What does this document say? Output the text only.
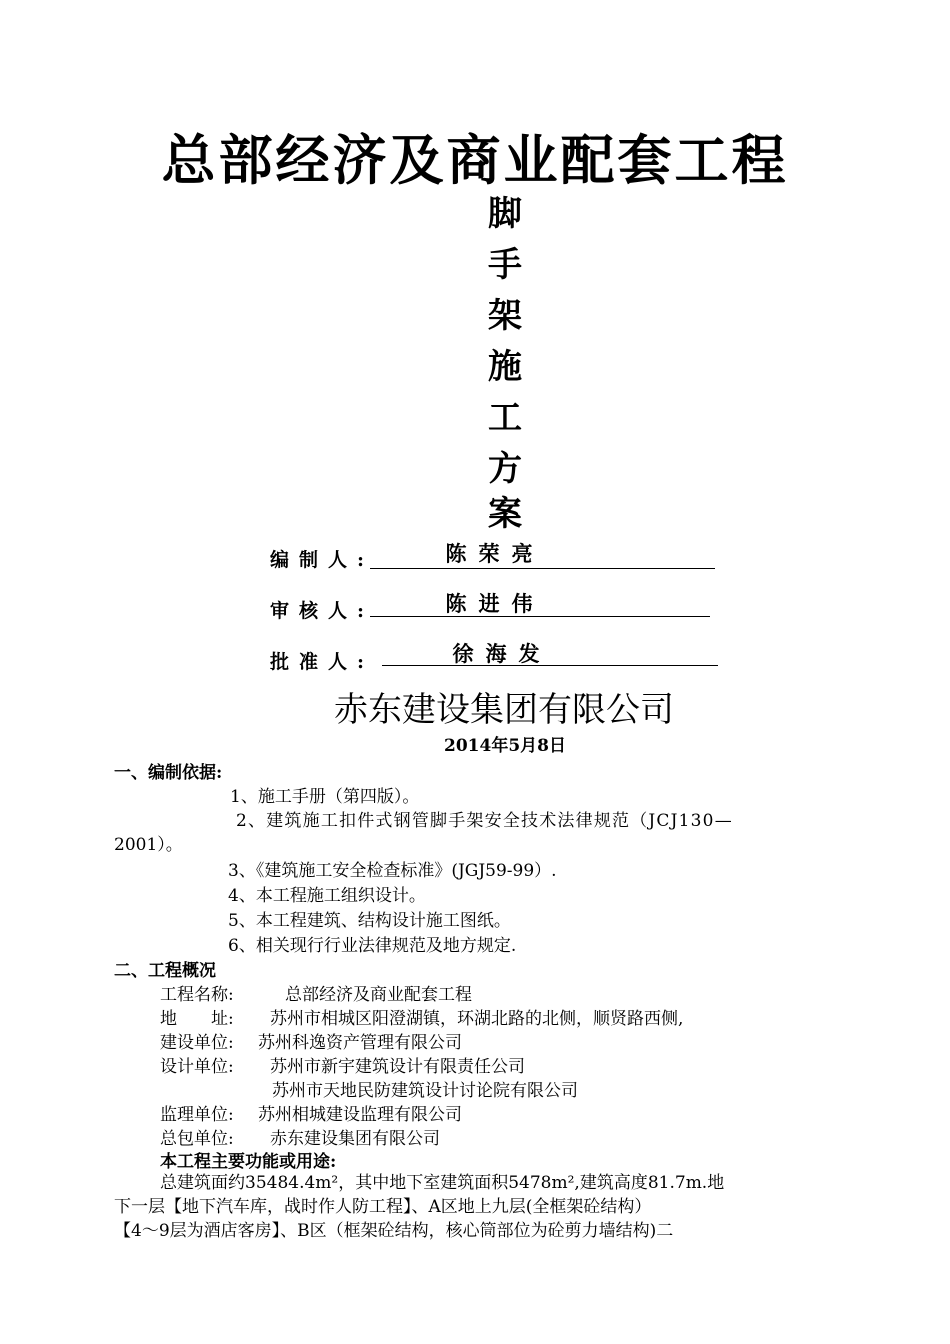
总部经济及商业配套工程
脚
手
架
施
工
方
案
编制人:	陈荣亮
审核人:	陈进伟
批准人:	徐海发
赤东建设集团有限公司
2014年5月8日
一、编制依据:
1、施工手册（第四版）。
2、建筑施工扣件式钢管脚手架安全技术法律规范（JCJ130—
2001）。
3、《建筑施工安全检查标准》(JGJ59-99）.
4、本工程施工组织设计。
5、本工程建筑、结构设计施工图纸。
6、相关现行行业法律规范及地方规定.
二、工程概况
工程名称:	总部经济及商业配套工程
地　　址: 苏州市相城区阳澄湖镇，环湖北路的北侧，顺贤路西侧,
建设单位: 苏州科逸资产管理有限公司
设计单位: 苏州市新宇建筑设计有限责任公司
苏州市天地民防建筑设计讨论院有限公司
监理单位: 苏州相城建设监理有限公司
总包单位: 赤东建设集团有限公司
本工程主要功能或用途:
总建筑面约35484.4m²，其中地下室建筑面积5478m²,建筑高度81.7m.地
下一层【地下汽车库，战时作人防工程】、A区地上九层(全框架砼结构）
【4～9层为酒店客房】、B区（框架砼结构，核心筒部位为砼剪力墙结构)二
